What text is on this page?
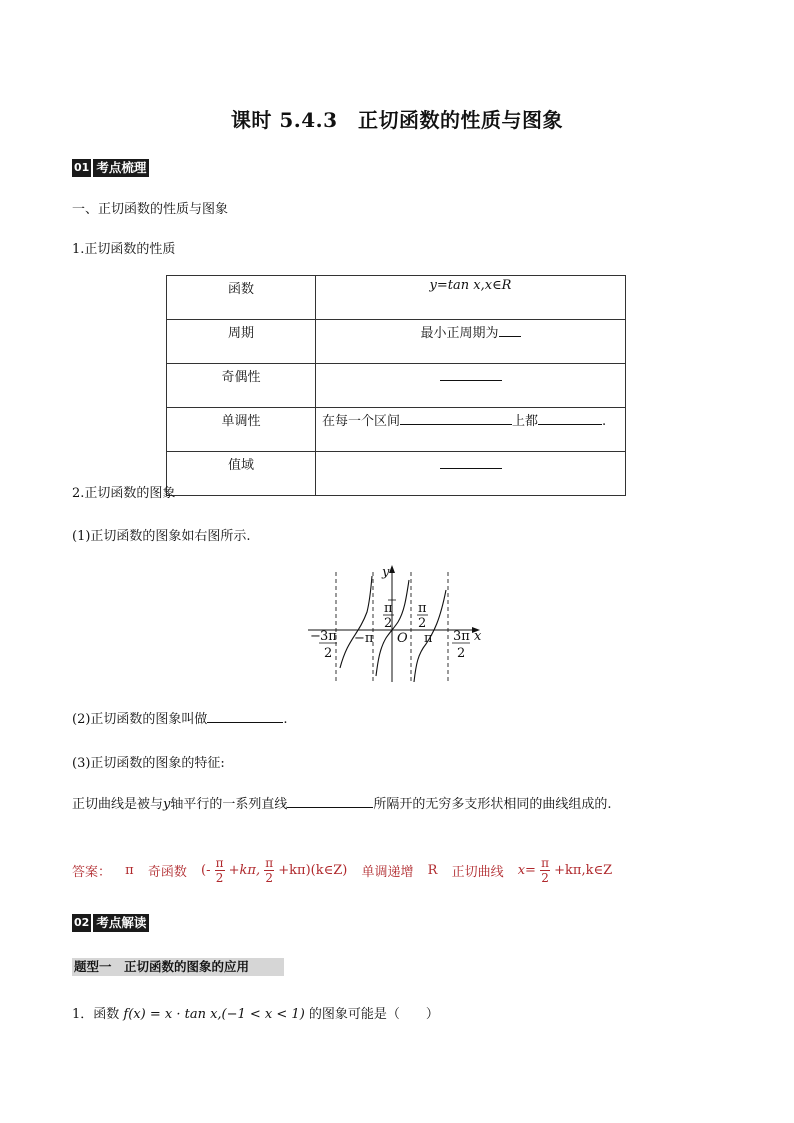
课时 5.4.3　正切函数的性质与图象
01 考点梳理
一、正切函数的性质与图象
1.正切函数的性质
函数	y=tan x,x∈R
周期	最小正周期为
奇偶性	
单调性	在每一个区间 上都 .
值域	
2.正切函数的图象
(1)正切函数的图象如右图所示.
y
x
O
−π	π
− 3π
2
π
2
π
2
3π
2
(2)正切函数的图象叫做	.
(3)正切函数的图象的特征:
正切曲线是被与y轴平行的一系列直线	所隔开的无穷多支形状相同的曲线组成的.
答案： π 奇函数 (- $\frac{\pi}{2} +k\pi$, $\frac{\pi}{2}$ +kπ)(k∈Z) 单调递增 R 正切曲线 $x= \frac{\pi}{2}$ +kπ,k∈Z
02 考点解读
题型一　正切函数的图象的应用
1．函数 f(x) = x · tan x,(−1 < x < 1) 的图象可能是（　　）
